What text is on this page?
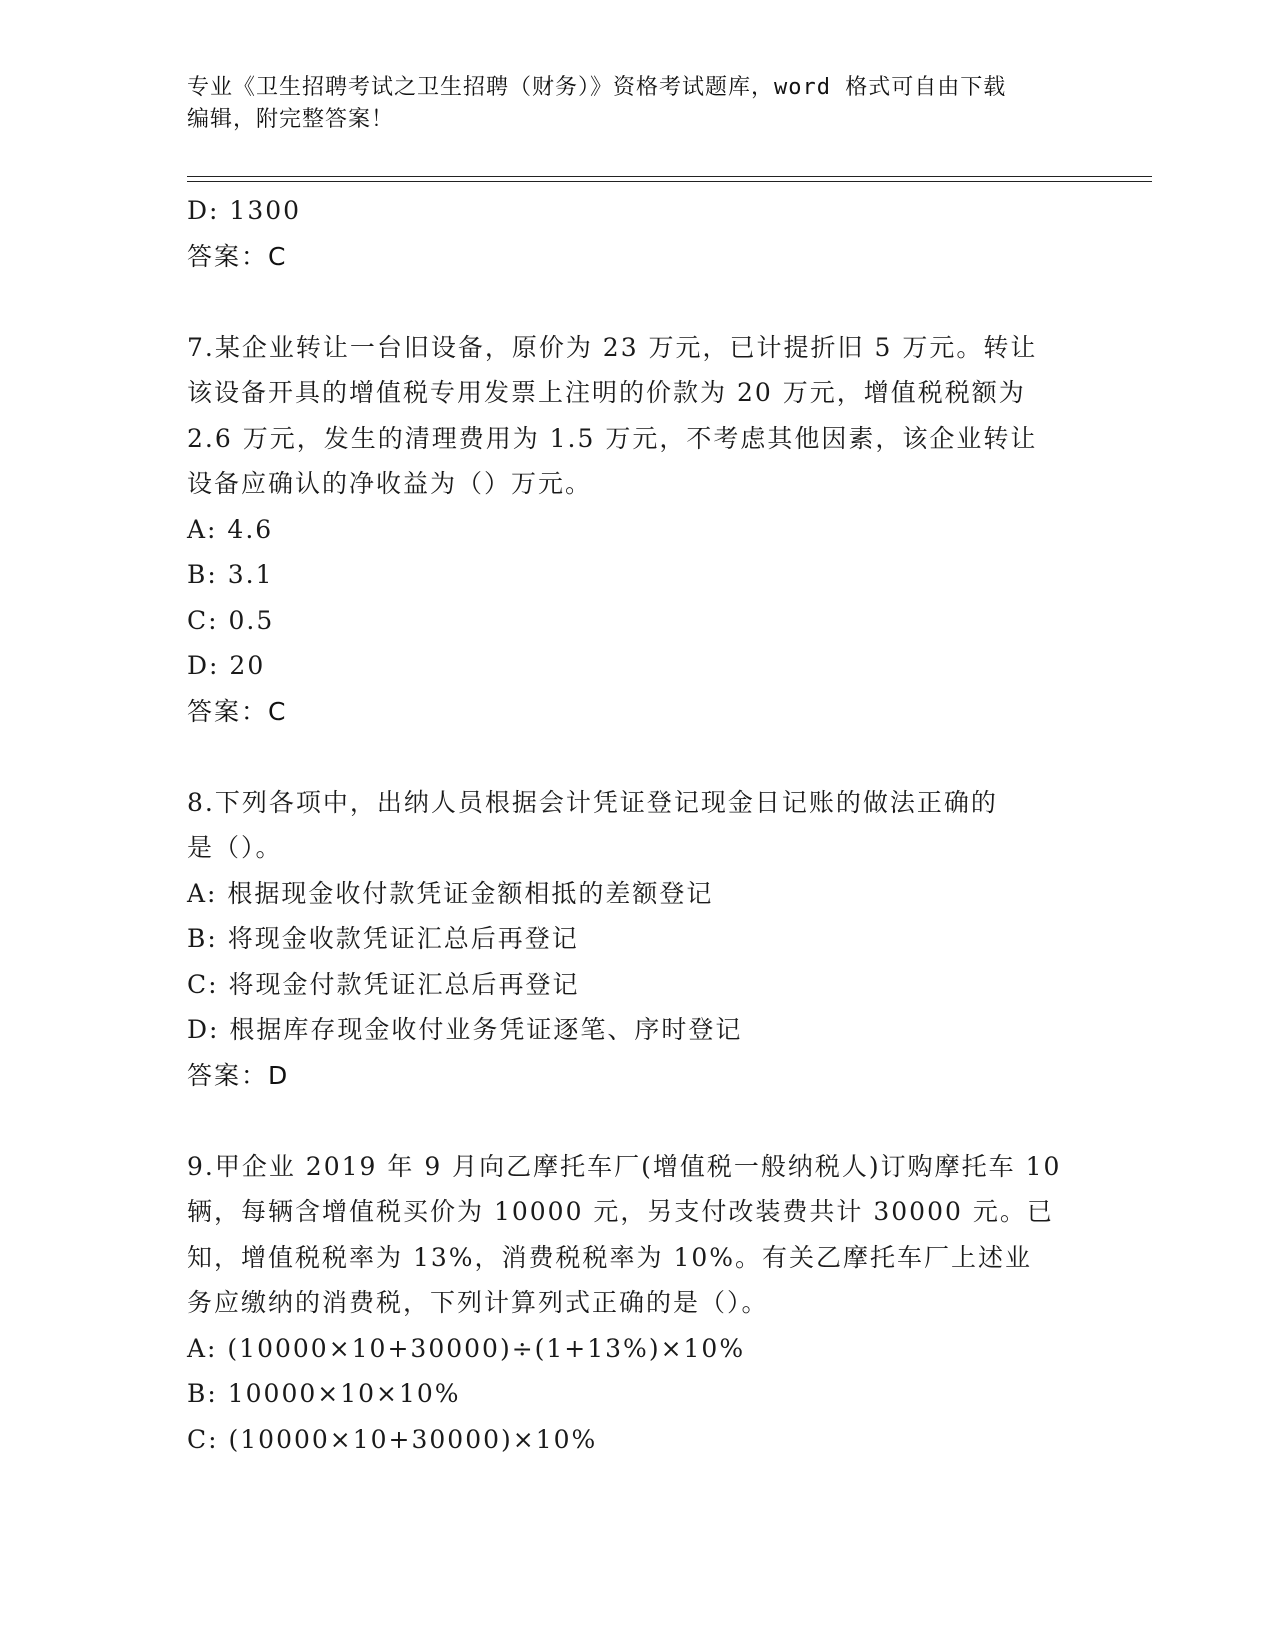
专业《卫生招聘考试之卫生招聘（财务）》资格考试题库，word 格式可自由下载
编辑，附完整答案！
D: 1300
答案：C
7.某企业转让一台旧设备，原价为 23 万元，已计提折旧 5 万元。转让
该设备开具的增值税专用发票上注明的价款为 20 万元，增值税税额为
2.6 万元，发生的清理费用为 1.5 万元，不考虑其他因素，该企业转让
设备应确认的净收益为（）万元。
A: 4.6
B: 3.1
C: 0.5
D: 20
答案：C
8.下列各项中，出纳人员根据会计凭证登记现金日记账的做法正确的
是（）。
A: 根据现金收付款凭证金额相抵的差额登记
B: 将现金收款凭证汇总后再登记
C: 将现金付款凭证汇总后再登记
D: 根据库存现金收付业务凭证逐笔、序时登记
答案：D
9.甲企业 2019 年 9 月向乙摩托车厂(增值税一般纳税人)订购摩托车 10
辆，每辆含增值税买价为 10000 元，另支付改装费共计 30000 元。已
知，增值税税率为 13%，消费税税率为 10%。有关乙摩托车厂上述业
务应缴纳的消费税，下列计算列式正确的是（）。
A: (10000×10+30000)÷(1+13%)×10%
B: 10000×10×10%
C: (10000×10+30000)×10%
